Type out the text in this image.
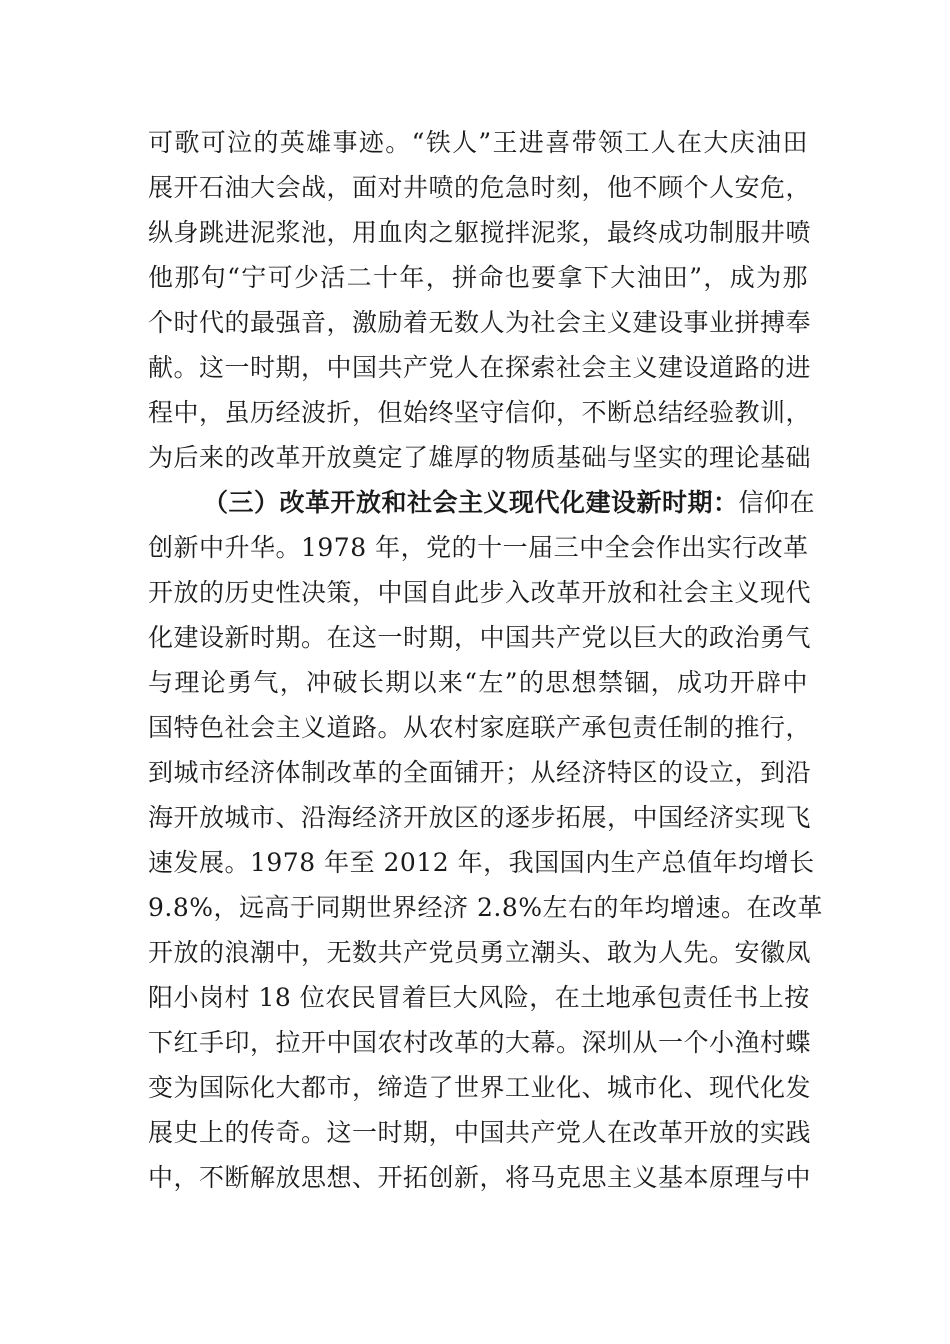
可歌可泣的英雄事迹。“铁人”王进喜带领工人在大庆油田
展开石油大会战，面对井喷的危急时刻，他不顾个人安危，
纵身跳进泥浆池，用血肉之躯搅拌泥浆，最终成功制服井喷
他那句“宁可少活二十年，拼命也要拿下大油田”，成为那
个时代的最强音，激励着无数人为社会主义建设事业拼搏奉
献。这一时期，中国共产党人在探索社会主义建设道路的进
程中，虽历经波折，但始终坚守信仰，不断总结经验教训，
为后来的改革开放奠定了雄厚的物质基础与坚实的理论基础
（三）改革开放和社会主义现代化建设新时期：信仰在
创新中升华。1978 年，党的十一届三中全会作出实行改革
开放的历史性决策，中国自此步入改革开放和社会主义现代
化建设新时期。在这一时期，中国共产党以巨大的政治勇气
与理论勇气，冲破长期以来“左”的思想禁锢，成功开辟中
国特色社会主义道路。从农村家庭联产承包责任制的推行，
到城市经济体制改革的全面铺开；从经济特区的设立，到沿
海开放城市、沿海经济开放区的逐步拓展，中国经济实现飞
速发展。1978 年至 2012 年，我国国内生产总值年均增长
9.8%，远高于同期世界经济 2.8%左右的年均增速。在改革
开放的浪潮中，无数共产党员勇立潮头、敢为人先。安徽凤
阳小岗村 18 位农民冒着巨大风险，在土地承包责任书上按
下红手印，拉开中国农村改革的大幕。深圳从一个小渔村蝶
变为国际化大都市，缔造了世界工业化、城市化、现代化发
展史上的传奇。这一时期，中国共产党人在改革开放的实践
中，不断解放思想、开拓创新，将马克思主义基本原理与中
